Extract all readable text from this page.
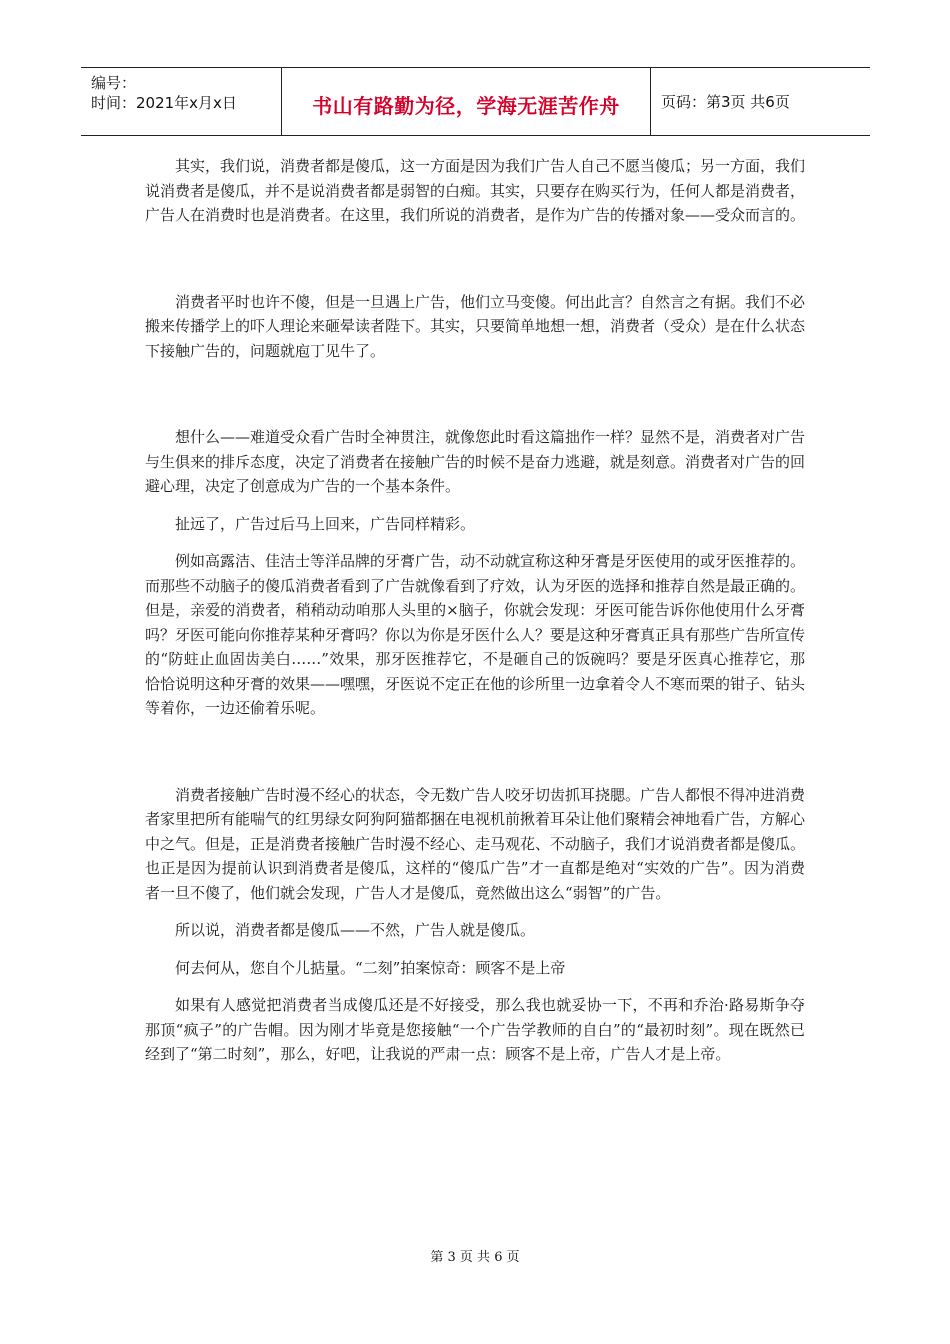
编号：
时间：2021年x月x日	书山有路勤为径，学海无涯苦作舟	页码：第3页 共6页

其实，我们说，消费者都是傻瓜，这一方面是因为我们广告人自己不愿当傻瓜；另一方面，我们说消费者是傻瓜，并不是说消费者都是弱智的白痴。其实，只要存在购买行为，任何人都是消费者，广告人在消费时也是消费者。在这里，我们所说的消费者，是作为广告的传播对象——受众而言的。

消费者平时也许不傻，但是一旦遇上广告，他们立马变傻。何出此言？自然言之有据。我们不必搬来传播学上的吓人理论来砸晕读者陛下。其实，只要简单地想一想，消费者（受众）是在什么状态下接触广告的，问题就庖丁见牛了。

想什么——难道受众看广告时全神贯注，就像您此时看这篇拙作一样？显然不是，消费者对广告与生俱来的排斥态度，决定了消费者在接触广告的时候不是奋力逃避，就是刻意。消费者对广告的回避心理，决定了创意成为广告的一个基本条件。

扯远了，广告过后马上回来，广告同样精彩。

例如高露洁、佳洁士等洋品牌的牙膏广告，动不动就宣称这种牙膏是牙医使用的或牙医推荐的。而那些不动脑子的傻瓜消费者看到了广告就像看到了疗效，认为牙医的选择和推荐自然是最正确的。但是，亲爱的消费者，稍稍动动咱那人头里的×脑子，你就会发现：牙医可能告诉你他使用什么牙膏吗？牙医可能向你推荐某种牙膏吗？你以为你是牙医什么人？要是这种牙膏真正具有那些广告所宣传的“防蛀止血固齿美白……”效果，那牙医推荐它，不是砸自己的饭碗吗？要是牙医真心推荐它，那恰恰说明这种牙膏的效果——嘿嘿，牙医说不定正在他的诊所里一边拿着令人不寒而栗的钳子、钻头等着你，一边还偷着乐呢。

消费者接触广告时漫不经心的状态，令无数广告人咬牙切齿抓耳挠腮。广告人都恨不得冲进消费者家里把所有能喘气的红男绿女阿狗阿猫都捆在电视机前揪着耳朵让他们聚精会神地看广告，方解心中之气。但是，正是消费者接触广告时漫不经心、走马观花、不动脑子，我们才说消费者都是傻瓜。也正是因为提前认识到消费者是傻瓜，这样的“傻瓜广告”才一直都是绝对“实效的广告”。因为消费者一旦不傻了，他们就会发现，广告人才是傻瓜，竟然做出这么“弱智”的广告。

所以说，消费者都是傻瓜——不然，广告人就是傻瓜。

何去何从，您自个儿掂量。“二刻”拍案惊奇：顾客不是上帝

如果有人感觉把消费者当成傻瓜还是不好接受，那么我也就妥协一下，不再和乔治·路易斯争夺那顶“疯子”的广告帽。因为刚才毕竟是您接触“一个广告学教师的自白”的“最初时刻”。现在既然已经到了“第二时刻”，那么，好吧，让我说的严肃一点：顾客不是上帝，广告人才是上帝。

第 3 页 共 6 页
